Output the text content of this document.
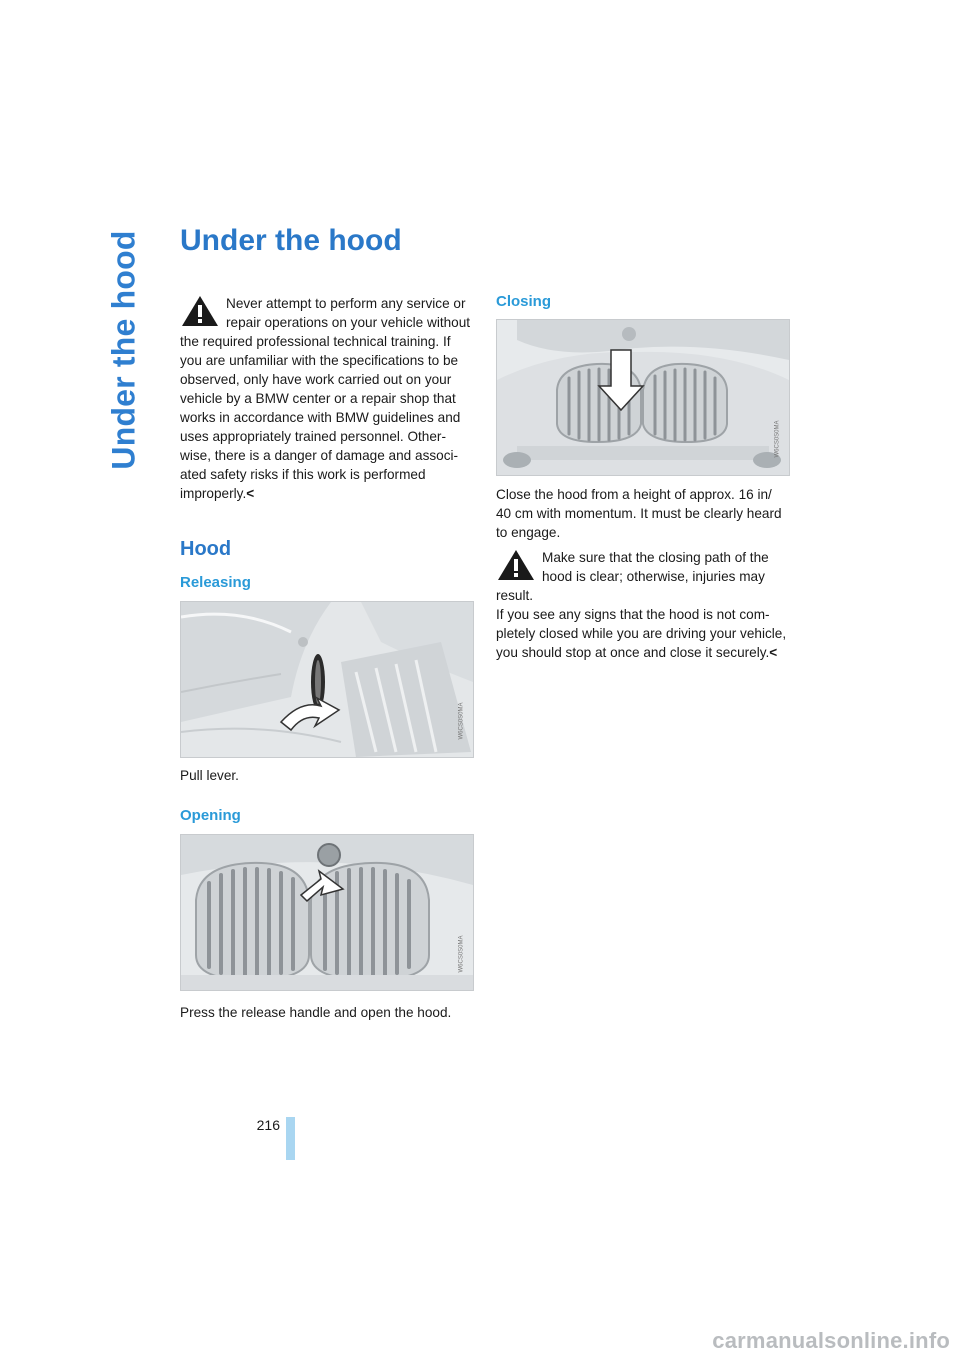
Under the hood Under the hood

Never attempt to perform any service or repair operations on your vehicle without the required professional technical training. If you are unfamiliar with the specifications to be observed, only have work carried out on your vehicle by a BMW center or a repair shop that works in accordance with BMW guidelines and uses appropriately trained personnel. Other-wise, there is a danger of damage and associ-ated safety risks if this work is performed improperly.<

Hood
Releasing
W6CS0S0MA

Pull lever.

Opening
W6CS0S0MA

Press the release handle and open the hood.

Closing
W6CS0S0MA

Close the hood from a height of approx. 16 in/ 40 cm with momentum. It must be clearly heard to engage.

Make sure that the closing path of the hood is clear; otherwise, injuries may result.

If you see any signs that the hood is not com-pletely closed while you are driving your vehicle, you should stop at once and close it securely.<

216
carmanualsonline.info
